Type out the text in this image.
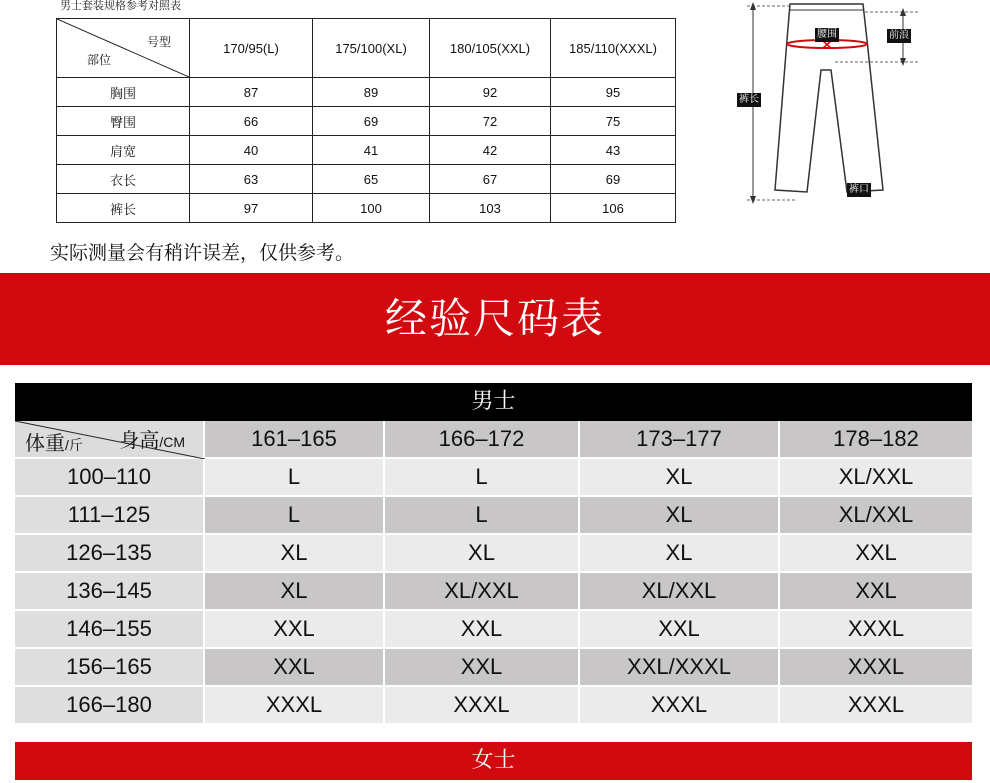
男士套装规格参考对照表
号型
部位	170/95(L)	175/100(XL)	180/105(XXL)	185/110(XXXL)
胸围	87	89	92	95
臀围	66	69	72	75
肩宽	40	41	42	43
衣长	63	65	67	69
裤长	97	100	103	106
实际测量会有稍许误差，仅供参考。
腰围	前浪
裤长
裤口
经验尺码表
男士
身高/CM
体重/斤	161–165	166–172	173–177	178–182
100–110	L	L	XL	XL/XXL
111–125	L	L	XL	XL/XXL
126–135	XL	XL	XL	XXL
136–145	XL	XL/XXL	XL/XXL	XXL
146–155	XXL	XXL	XXL	XXXL
156–165	XXL	XXL	XXL/XXXL	XXXL
166–180	XXXL	XXXL	XXXL	XXXL
女士
